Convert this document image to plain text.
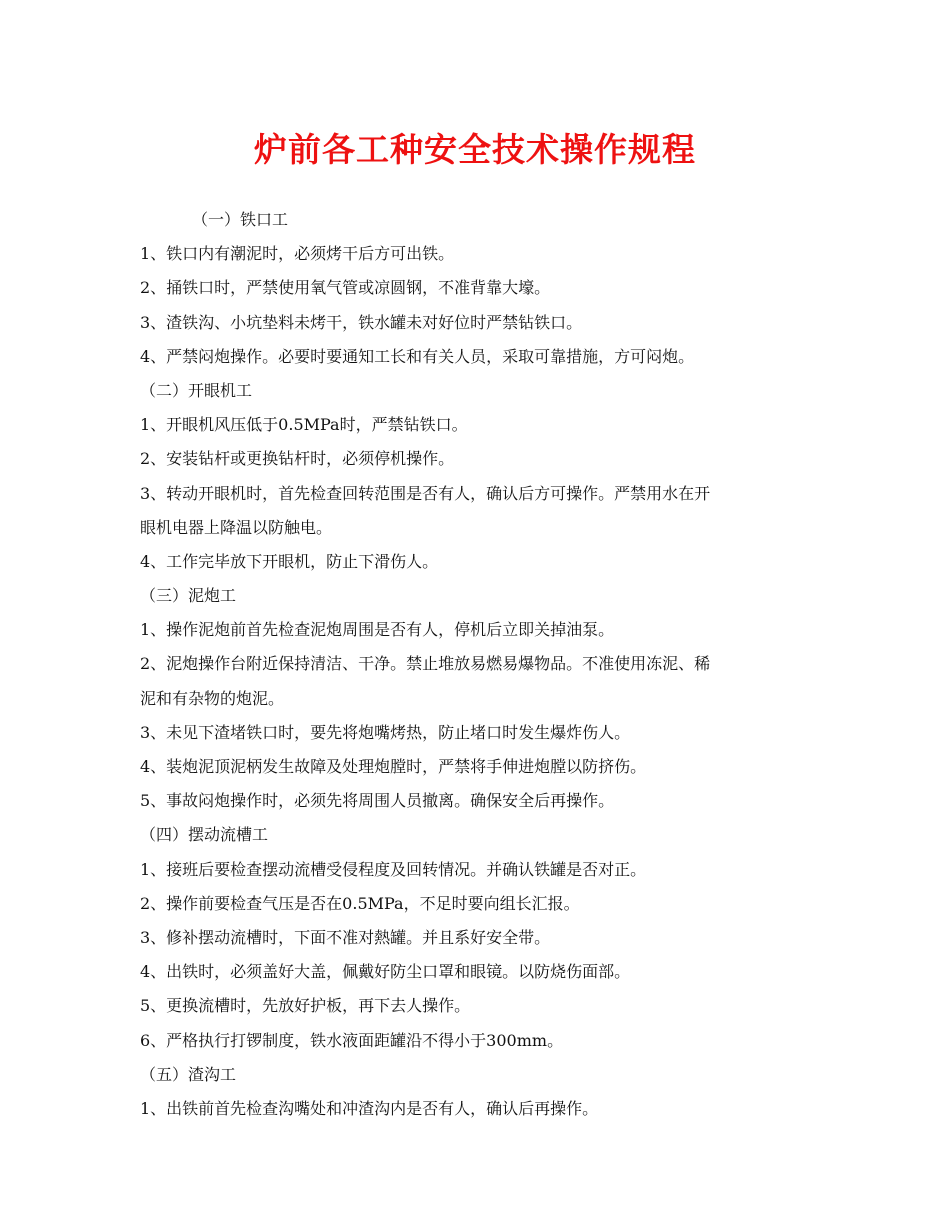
炉前各工种安全技术操作规程

（一）铁口工

1、铁口内有潮泥时，必须烤干后方可出铁。

2、捅铁口时，严禁使用氧气管或凉圆钢，不准背靠大壕。

3、渣铁沟、小坑垫料未烤干，铁水罐未对好位时严禁钻铁口。

4、严禁闷炮操作。必要时要通知工长和有关人员，采取可靠措施，方可闷炮。

（二）开眼机工

1、开眼机风压低于0.5MPa时，严禁钻铁口。

2、安装钻杆或更换钻杆时，必须停机操作。

3、转动开眼机时，首先检查回转范围是否有人，确认后方可操作。严禁用水在开

眼机电器上降温以防触电。

4、工作完毕放下开眼机，防止下滑伤人。

（三）泥炮工

1、操作泥炮前首先检查泥炮周围是否有人，停机后立即关掉油泵。

2、泥炮操作台附近保持清洁、干净。禁止堆放易燃易爆物品。不准使用冻泥、稀

泥和有杂物的炮泥。

3、未见下渣堵铁口时，要先将炮嘴烤热，防止堵口时发生爆炸伤人。

4、装炮泥顶泥柄发生故障及处理炮膛时，严禁将手伸进炮膛以防挤伤。

5、事故闷炮操作时，必须先将周围人员撤离。确保安全后再操作。

（四）摆动流槽工

1、接班后要检查摆动流槽受侵程度及回转情况。并确认铁罐是否对正。

2、操作前要检查气压是否在0.5MPa，不足时要向组长汇报。

3、修补摆动流槽时，下面不准对熱罐。并且系好安全带。

4、出铁时，必须盖好大盖，佩戴好防尘口罩和眼镜。以防烧伤面部。

5、更换流槽时，先放好护板，再下去人操作。

6、严格执行打锣制度，铁水液面距罐沿不得小于300mm。

（五）渣沟工

1、出铁前首先检查沟嘴处和冲渣沟内是否有人，确认后再操作。
